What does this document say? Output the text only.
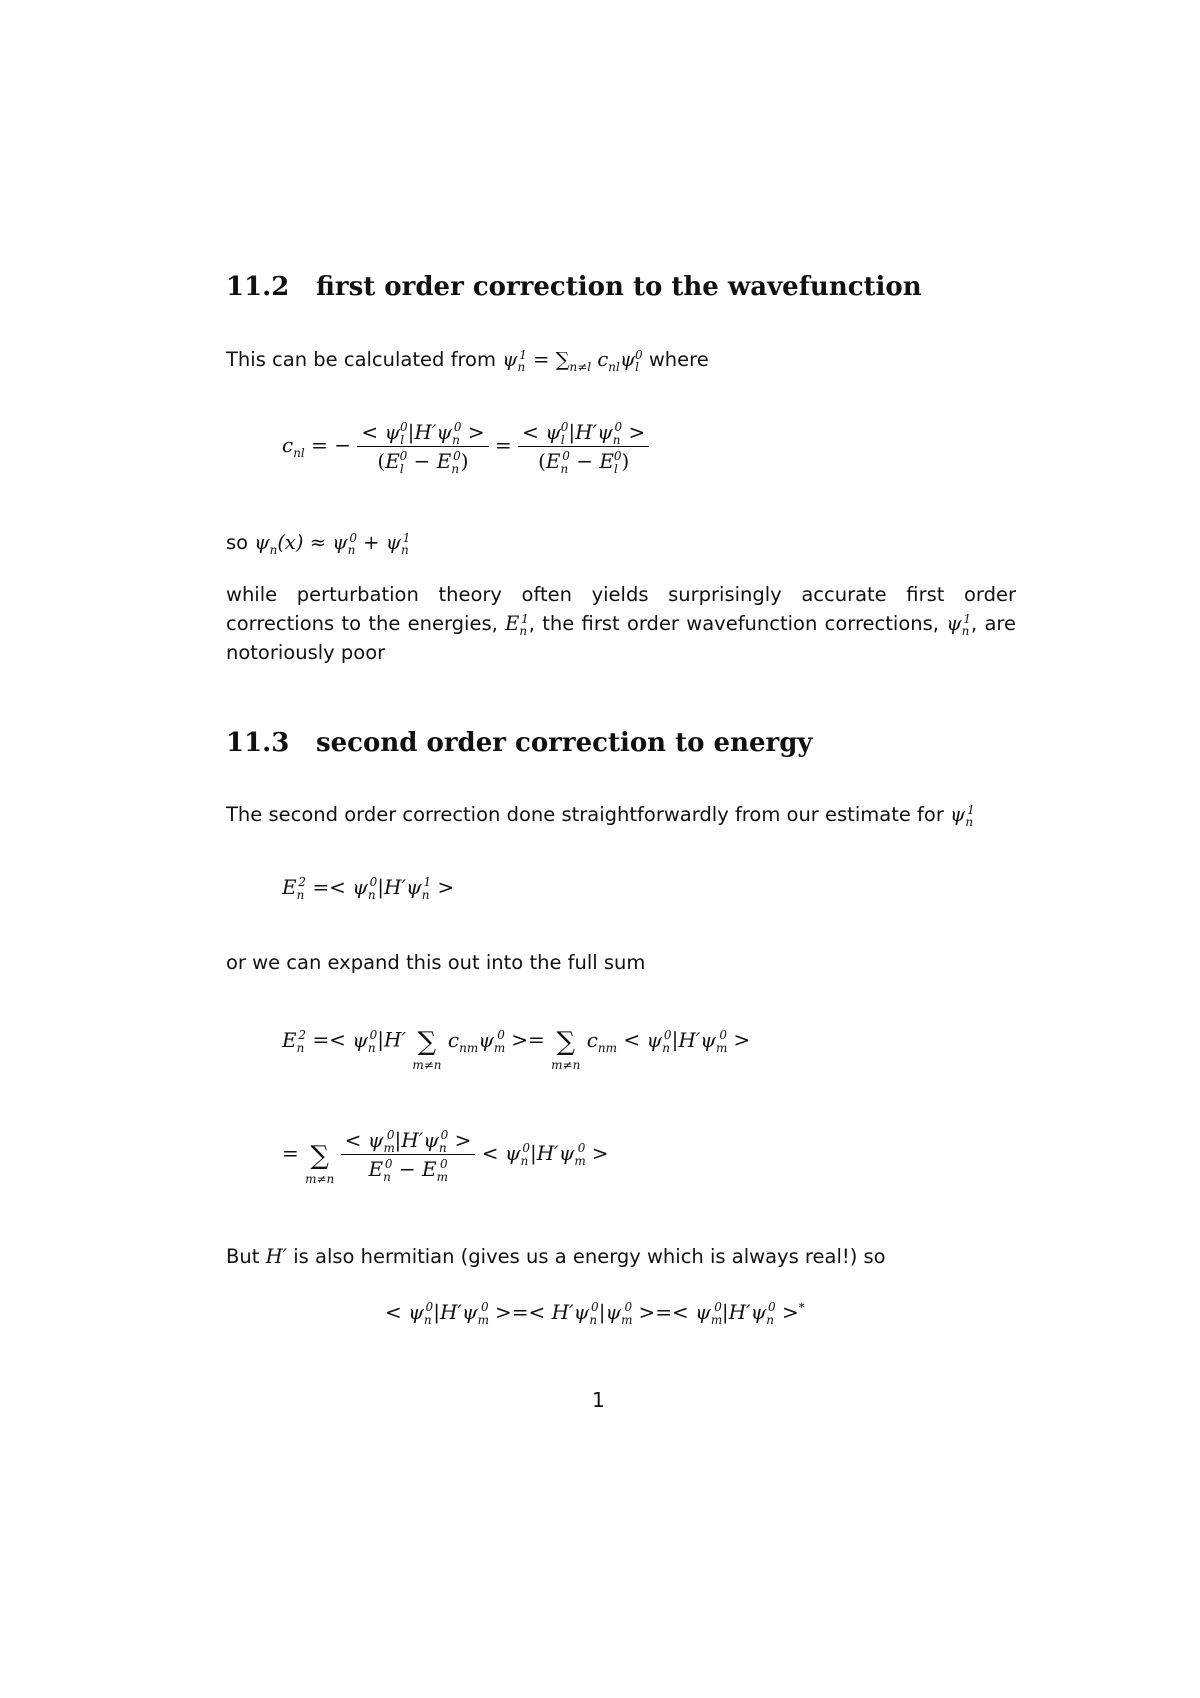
11.2 first order correction to the wavefunction
This can be calculated from $\psi_n^1 = \sum_{n\ne l}$ $c_{nl}\psi_l^0$ where
$c_{nl}$ = − $\frac{< \psi_l^0|H'\psi_n^0 >}{(E_l^0 - E_n^0)} = \frac{< \psi_l^0|H'\psi_n^0 >}{(E_n^0 - E_l^0)}$
so $\psi_n(x) \approx \psi_n^0 + \psi_n^1$
while perturbation theory often yields surprisingly accurate first order corrections to the energies, $E_n^1$, the first order wavefunction corrections, $\psi_n^1$, are notoriously poor
11.3 second order correction to energy
The second order correction done straightforwardly from our estimate for $\psi_n^1$
$E_n^2 =< \psi_n^0|H'\psi_n^1$ >
or we can expand this out into the full sum
$E_n^2 =< \psi_n^0|H'$ ∑
m≠n
$c_{nm}\psi_m^0$ >= ∑
m≠n
$c_{nm} < \psi_n^0|H'\psi_m^0$ >
= ∑
m≠n
$\frac{< \psi_m^0|H'\psi_n^0 >}{E_n^0 - E_m^0} < \psi_n^0|H'\psi_m^0$ >
But H′ is also hermitian (gives us a energy which is always real!) so
< $\psi_n^0|H'\psi_m^0$ >=< $H'\psi_n^0|\psi_m^0$ >=< $\psi_m^0|H'\psi_n^0 >^*$
1
